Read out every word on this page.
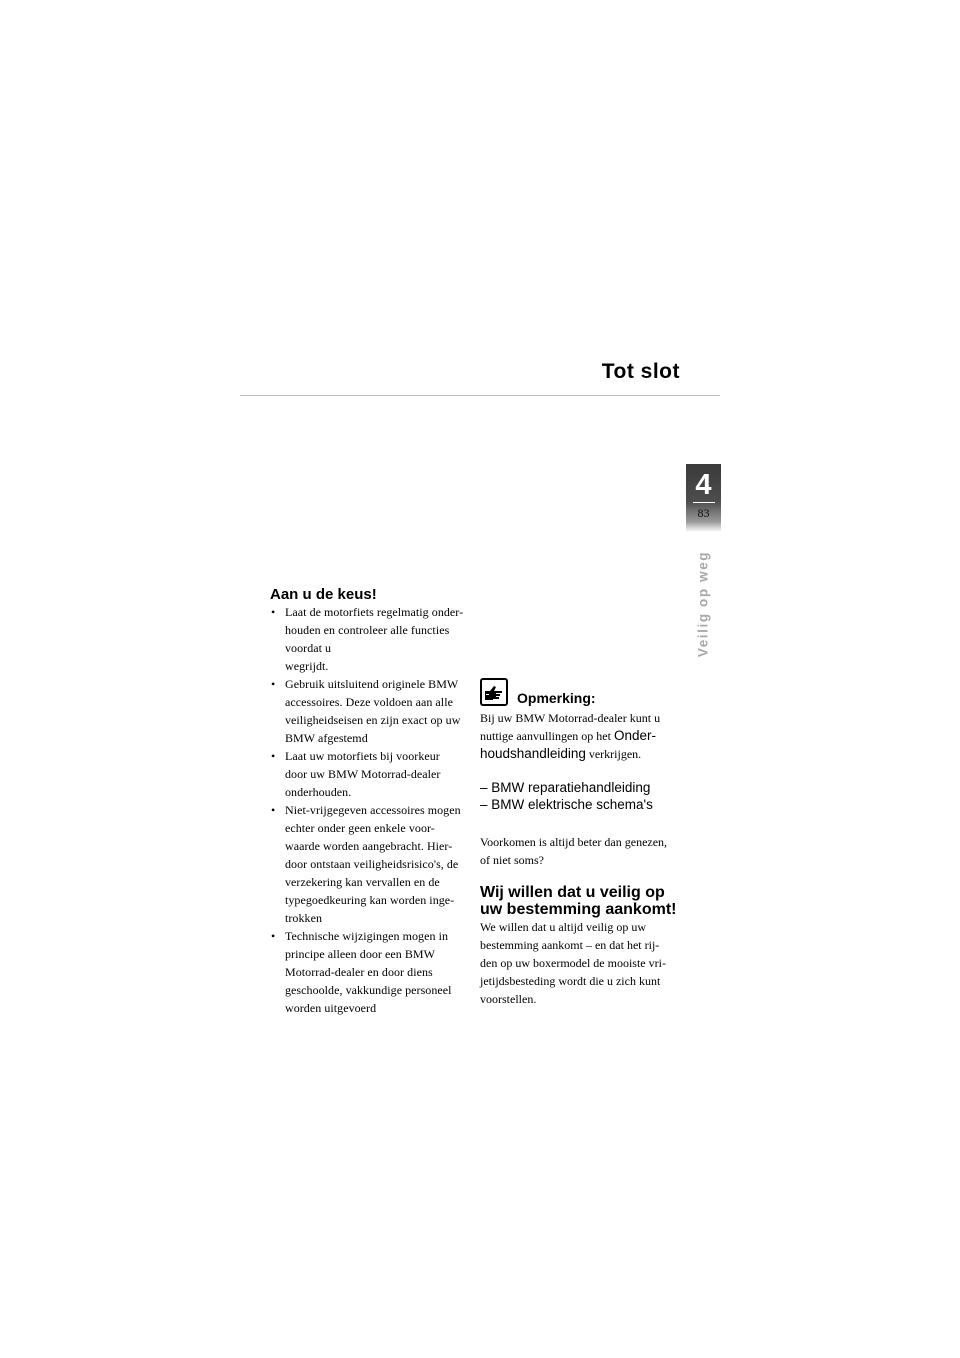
Tot slot
4
83
Veilig op weg
Aan u de keus!
• Laat de motorfiets regelmatig onder-
houden en controleer alle functies
voordat u
wegrijdt.
• Gebruik uitsluitend originele BMW
accessoires. Deze voldoen aan alle
veiligheidseisen en zijn exact op uw
BMW afgestemd
• Laat uw motorfiets bij voorkeur
door uw BMW Motorrad-dealer
onderhouden.
• Niet-vrijgegeven accessoires mogen
echter onder geen enkele voor-
waarde worden aangebracht. Hier-
door ontstaan veiligheidsrisico's, de
verzekering kan vervallen en de
typegoedkeuring kan worden inge-
trokken
• Technische wijzigingen mogen in
principe alleen door een BMW
Motorrad-dealer en door diens
geschoolde, vakkundige personeel
worden uitgevoerd
Opmerking:

Bij uw BMW Motorrad-dealer kunt u
nuttige aanvullingen op het Onder-
houdshandleiding verkrijgen.

– BMW reparatiehandleiding

– BMW elektrische schema's

Voorkomen is altijd beter dan genezen,
of niet soms?

Wij willen dat u veilig op
uw bestemming aankomt!

We willen dat u altijd veilig op uw
bestemming aankomt – en dat het rij-
den op uw boxermodel de mooiste vri-
jetijdsbesteding wordt die u zich kunt
voorstellen.
